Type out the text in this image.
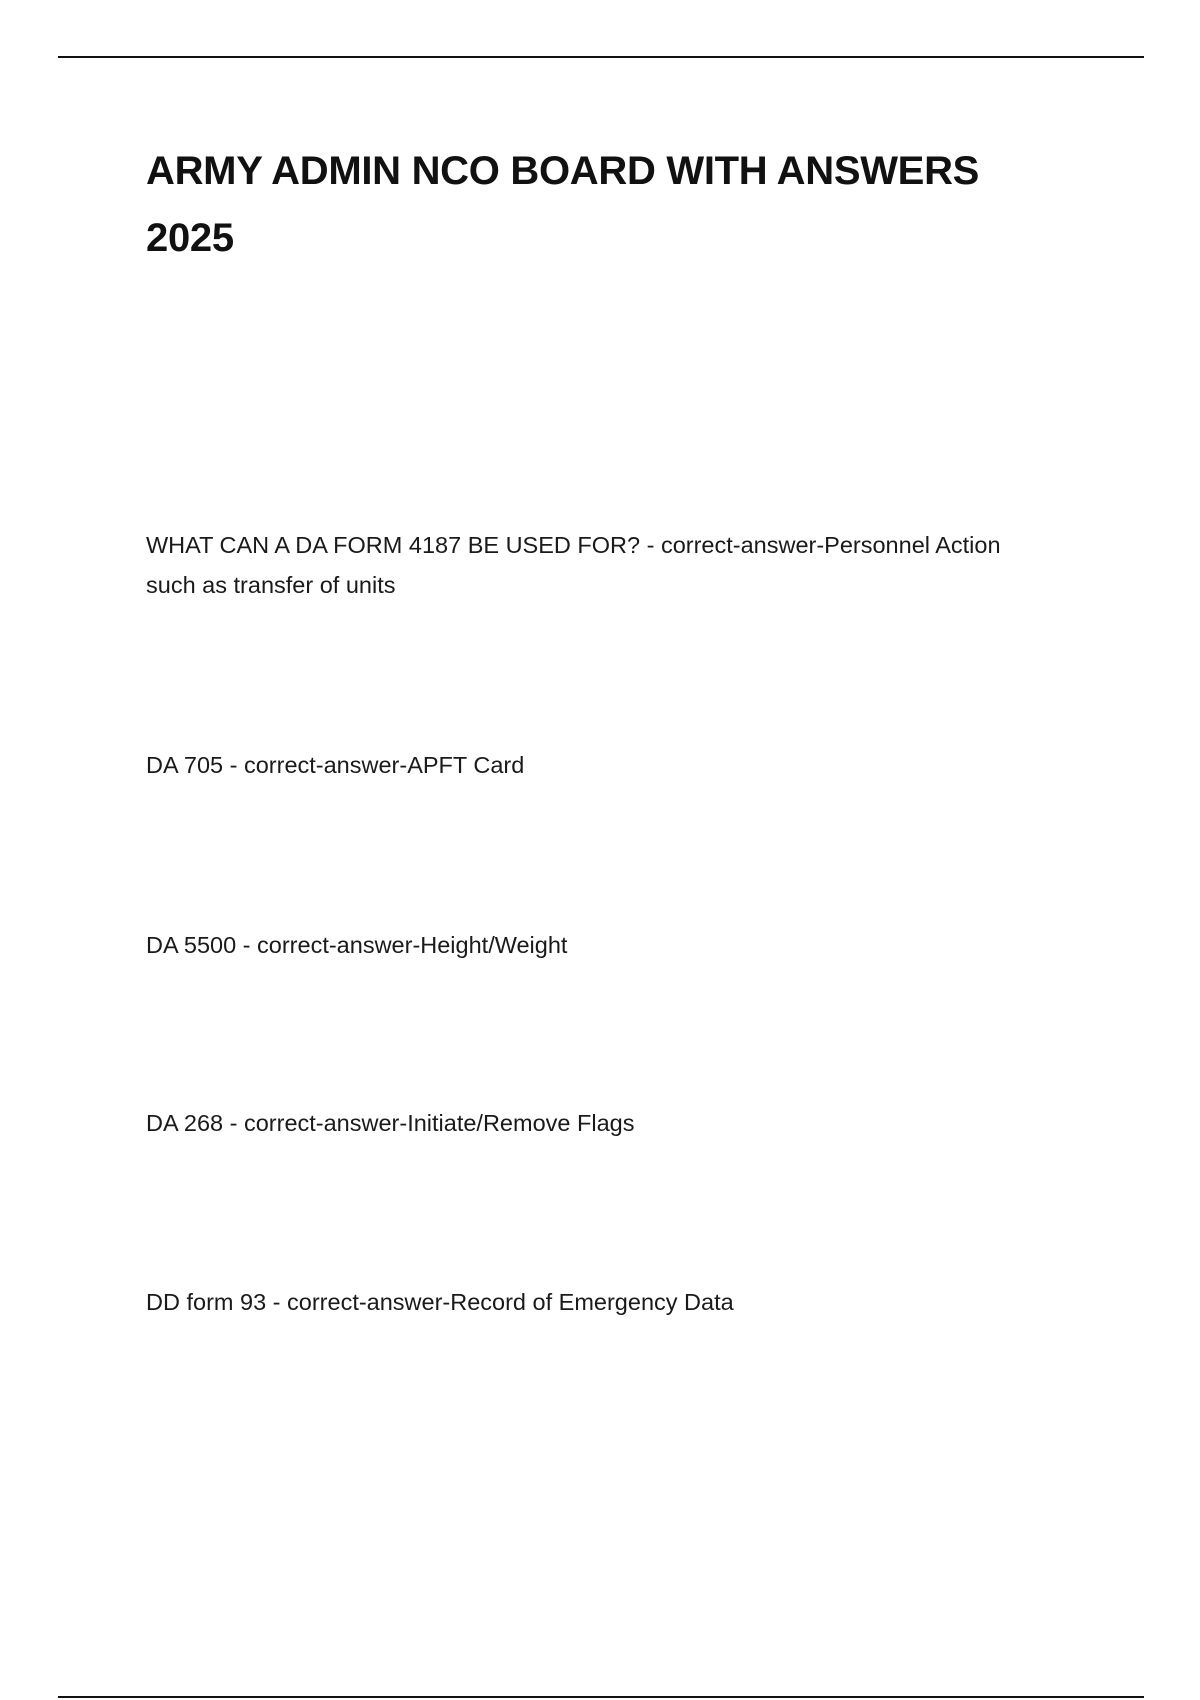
ARMY ADMIN NCO BOARD WITH ANSWERS
2025

WHAT CAN A DA FORM 4187 BE USED FOR? - correct-answer-Personnel Action
such as transfer of units

DA 705 - correct-answer-APFT Card

DA 5500 - correct-answer-Height/Weight

DA 268 - correct-answer-Initiate/Remove Flags

DD form 93 - correct-answer-Record of Emergency Data
